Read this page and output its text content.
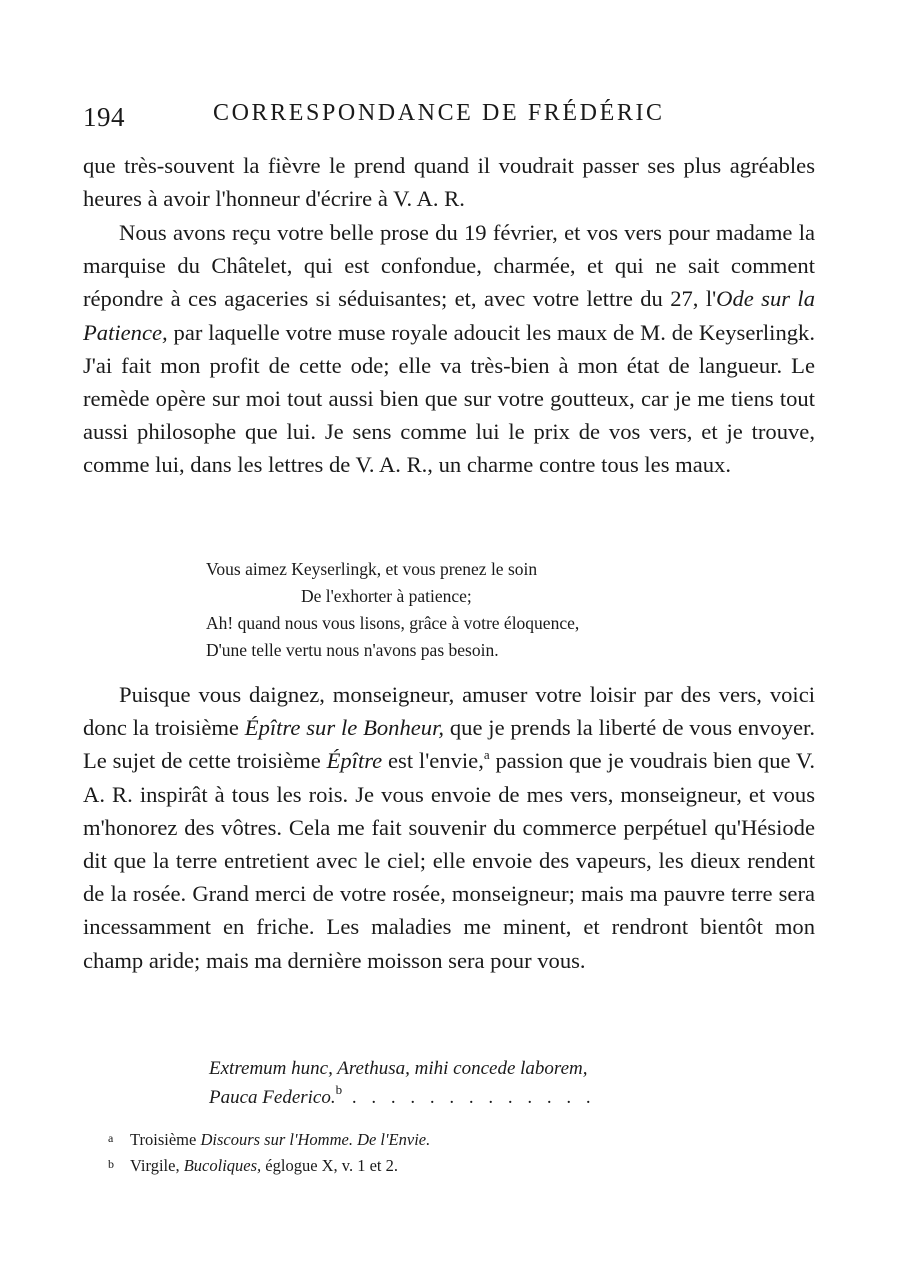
194	CORRESPONDANCE DE FRÉDÉRIC

que très-souvent la fièvre le prend quand il voudrait passer ses plus agréables heures à avoir l'honneur d'écrire à V. A. R.

Nous avons reçu votre belle prose du 19 février, et vos vers pour madame la marquise du Châtelet, qui est confondue, charmée, et qui ne sait comment répondre à ces agaceries si séduisantes; et, avec votre lettre du 27, l'Ode sur la Patience, par laquelle votre muse royale adoucit les maux de M. de Keyserlingk. J'ai fait mon profit de cette ode; elle va très-bien à mon état de langueur. Le remède opère sur moi tout aussi bien que sur votre goutteux, car je me tiens tout aussi philosophe que lui. Je sens comme lui le prix de vos vers, et je trouve, comme lui, dans les lettres de V. A. R., un charme contre tous les maux.

Vous aimez Keyserlingk, et vous prenez le soin
De l'exhorter à patience;
Ah! quand nous vous lisons, grâce à votre éloquence,
D'une telle vertu nous n'avons pas besoin.

Puisque vous daignez, monseigneur, amuser votre loisir par des vers, voici donc la troisième Épître sur le Bonheur, que je prends la liberté de vous envoyer. Le sujet de cette troisième Épître est l'envie,$^a$ passion que je voudrais bien que V. A. R. inspirât à tous les rois. Je vous envoie de mes vers, monseigneur, et vous m'honorez des vôtres. Cela me fait souvenir du commerce perpétuel qu'Hésiode dit que la terre entretient avec le ciel; elle envoie des vapeurs, les dieux rendent de la rosée. Grand merci de votre rosée, monseigneur; mais ma pauvre terre sera incessamment en friche. Les maladies me minent, et rendront bientôt mon champ aride; mais ma dernière moisson sera pour vous.

Extremum hunc, Arethusa, mihi concede laborem,
Pauca Federico.$^b$ . . . . . . . . . . . . .
a Troisième Discours sur l'Homme. De l'Envie.
b Virgile, Bucoliques, églogue X, v. 1 et 2.
